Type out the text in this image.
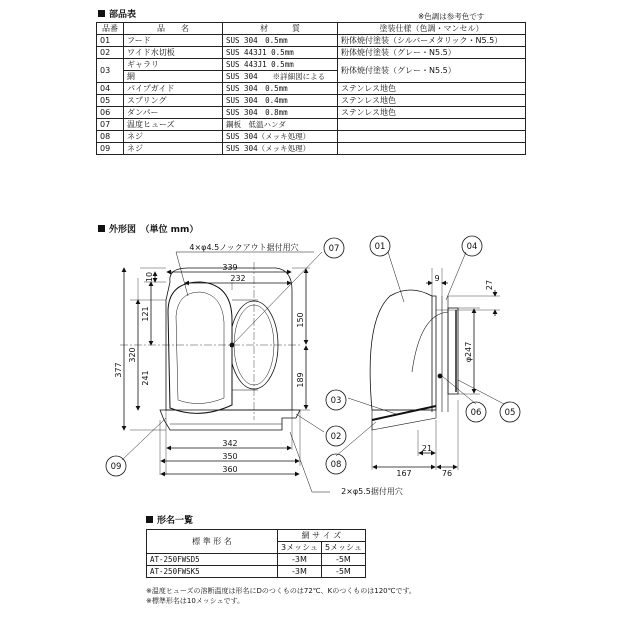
部品表	※色調は参考色です
品番	品　　名	材　　　質	塗装仕様（色調・マンセル）
01	フード	SUS 304　0.5mm	粉体焼付塗装（シルバーメタリック・N5.5）
02	ワイド水切板	SUS 443J1 0.5mm	粉体焼付塗装（グレー・N5.5）
03	ギャラリ	SUS 443J1 0.5mm	粉体焼付塗装（グレー・N5.5）
	網	SUS 304　　※詳細図による	
04	パイプガイド	SUS 304　0.5mm	ステンレス地色
05	スプリング	SUS 304　0.4mm	ステンレス地色
06	ダンパー	SUS 304　0.8mm	ステンレス地色
07	温度ヒューズ	鋼板　低温ハンダ	
08	ネジ	SUS 304（メッキ処理）	
09	ネジ	SUS 304（メッキ処理）	
外形図　（単位 mm）
07	01	04
03
02
08
06	05
09
4×φ4.5ノックアウト据付用穴
2×φ5.5据付用穴
339
232
342
350
360
9
21
167	76
10
121
241
320
377
150
189
φ247
27
形名一覧
標 準 形 名	網 サ イ ズ	
	3メッシュ	5メッシュ
AT-250FWSD5	-3M	-5M
AT-250FWSK5	-3M	-5M
※温度ヒューズの溶断温度は形名にDのつくものは72℃、Kのつくものは120℃です。
※標準形名は10メッシュです。
